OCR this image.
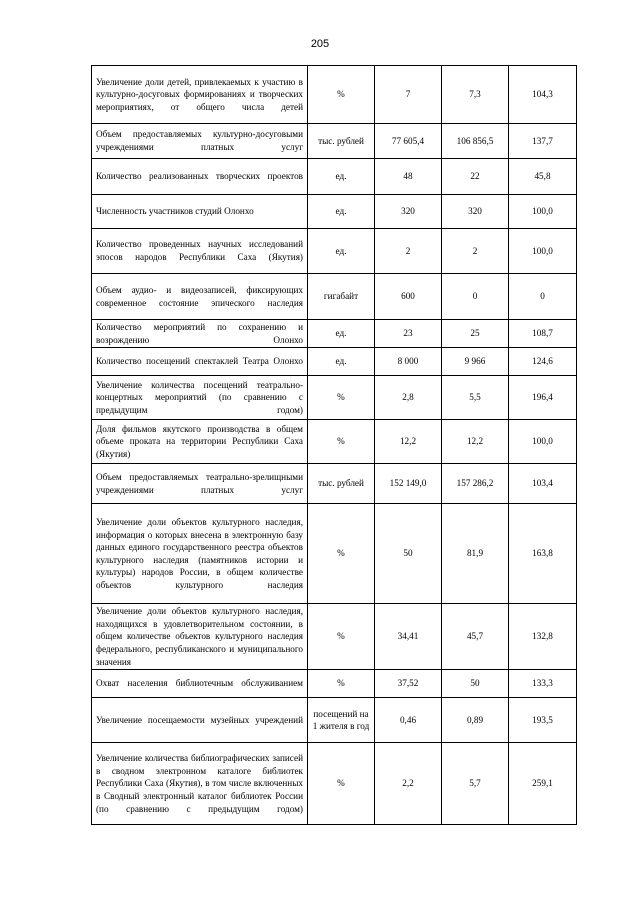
205
Увеличение доли детей, привлекаемых к участию в культурно-досуговых формированиях и творческих мероприятиях, от общего числа детей	%	7	7,3	104,3
Объем предоставляемых культурно-досуговыми учреждениями платных услуг	тыс. рублей	77 605,4	106 856,5	137,7
Количество реализованных творческих проектов	ед.	48	22	45,8
Численность участников студий Олонхо	ед.	320	320	100,0
Количество проведенных научных исследований эпосов народов Республики Саха (Якутия)	ед.	2	2	100,0
Объем аудио- и видеозаписей, фиксирующих современное состояние эпического наследия	гигабайт	600	0	0
Количество мероприятий по сохранению и возрождению Олонхо	ед.	23	25	108,7
Количество посещений спектаклей Театра Олонхо	ед.	8 000	9 966	124,6
Увеличение количества посещений театрально-концертных мероприятий (по сравнению с предыдущим годом)	%	2,8	5,5	196,4
Доля фильмов якутского производства в общем объеме проката на территории Республики Саха (Якутия)	%	12,2	12,2	100,0
Объем предоставляемых театрально-зрелищными учреждениями платных услуг	тыс. рублей	152 149,0	157 286,2	103,4
Увеличение доли объектов культурного наследия, информация о которых внесена в электронную базу данных единого государственного реестра объектов культурного наследия (памятников истории и культуры) народов России, в общем количестве объектов культурного наследия	%	50	81,9	163,8
Увеличение доли объектов культурного наследия, находящихся в удовлетворительном состоянии, в общем количестве объектов культурного наследия федерального, республиканского и муниципального значения	%	34,41	45,7	132,8
Охват населения библиотечным обслуживанием	%	37,52	50	133,3
Увеличение посещаемости музейных учреждений	посещений на 1 жителя в год	0,46	0,89	193,5
Увеличение количества библиографических записей в сводном электронном каталоге библиотек Республики Саха (Якутия), в том числе включенных в Сводный электронный каталог библиотек России (по сравнению с предыдущим годом)	%	2,2	5,7	259,1
